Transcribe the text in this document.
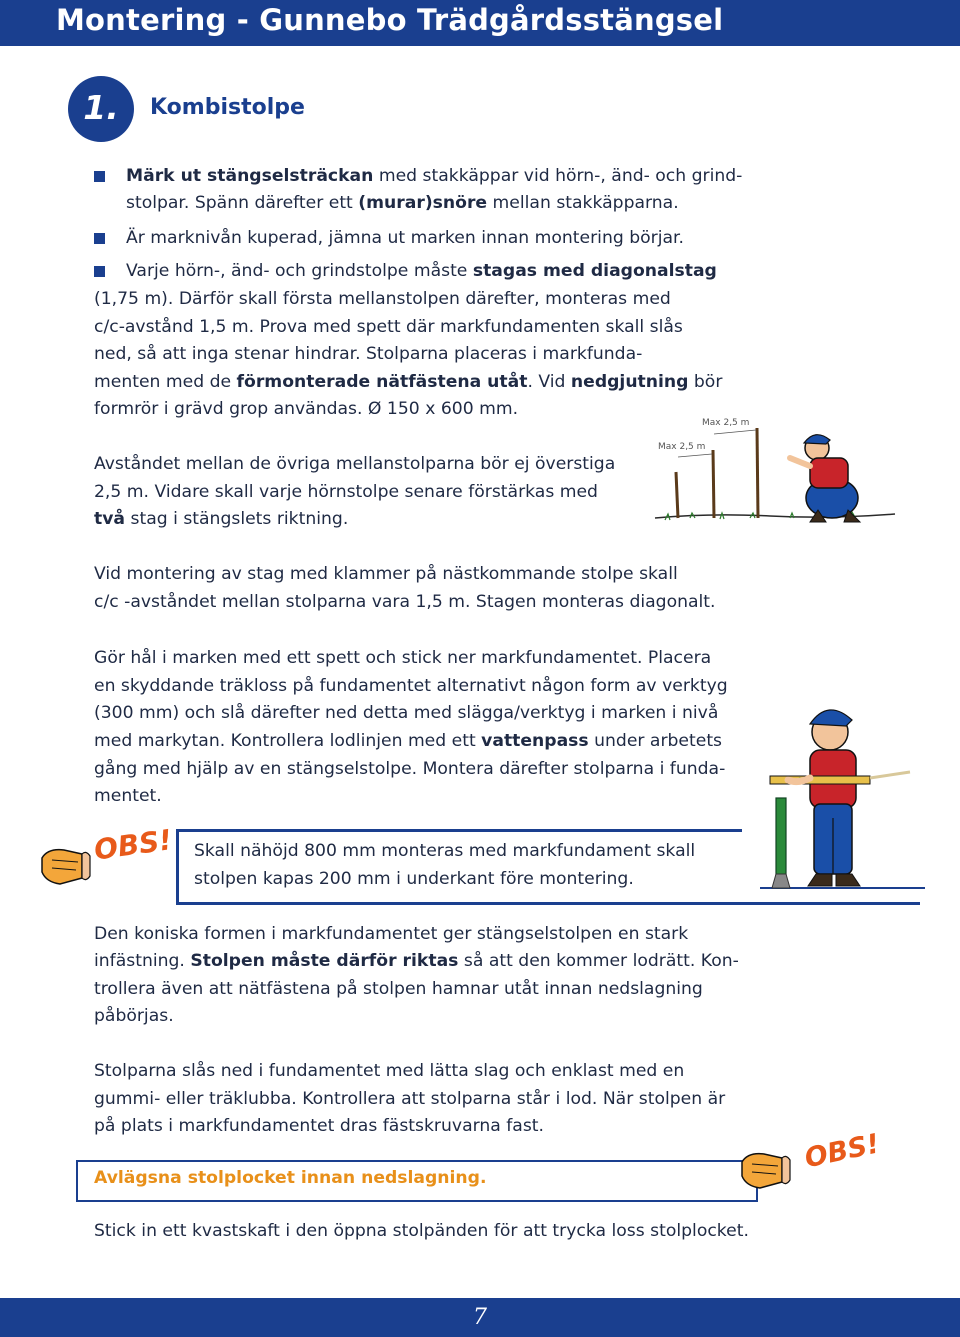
Montering - Gunnebo Trädgårdsstängsel
1.	Kombistolpe
Märk ut stängselsträckan med stakkäppar vid hörn-, änd- och grind-
stolpar. Spänn därefter ett (murar)snöre mellan stakkäpparna.
Är marknivån kuperad, jämna ut marken innan montering börjar.
Varje hörn-, änd- och grindstolpe måste stagas med diagonalstag
(1,75 m). Därför skall första mellanstolpen därefter, monteras med
c/c-avstånd 1,5 m. Prova med spett där markfundamenten skall slås
ned, så att inga stenar hindrar. Stolparna placeras i markfunda-
menten med de förmonterade nätfästena utåt. Vid nedgjutning bör
formrör i grävd grop användas. Ø 150 x 600 mm.
Avståndet mellan de övriga mellanstolparna bör ej överstiga
2,5 m. Vidare skall varje hörnstolpe senare förstärkas med
två stag i stängslets riktning.
Max 2,5 m
Max 2,5 m
Vid montering av stag med klammer på nästkommande stolpe skall
c/c -avståndet mellan stolparna vara 1,5 m. Stagen monteras diagonalt.
Gör hål i marken med ett spett och stick ner markfundamentet. Placera
en skyddande träkloss på fundamentet alternativt någon form av verktyg
(300 mm) och slå därefter ned detta med slägga/verktyg i marken i nivå
med markytan. Kontrollera lodlinjen med ett vattenpass under arbetets
gång med hjälp av en stängselstolpe. Montera därefter stolparna i funda-
mentet.
OBS! Skall nähöjd 800 mm monteras med markfundament skall
stolpen kapas 200 mm i underkant före montering.
Den koniska formen i markfundamentet ger stängselstolpen en stark
infästning. Stolpen måste därför riktas så att den kommer lodrätt. Kon-
trollera även att nätfästena på stolpen hamnar utåt innan nedslagning
påbörjas.
Stolparna slås ned i fundamentet med lätta slag och enklast med en
gummi- eller träklubba. Kontrollera att stolparna står i lod. När stolpen är
på plats i markfundamentet dras fästskruvarna fast.
Avlägsna stolplocket innan nedslagning.
OBS!
Stick in ett kvastskaft i den öppna stolpänden för att trycka loss stolplocket.
7
